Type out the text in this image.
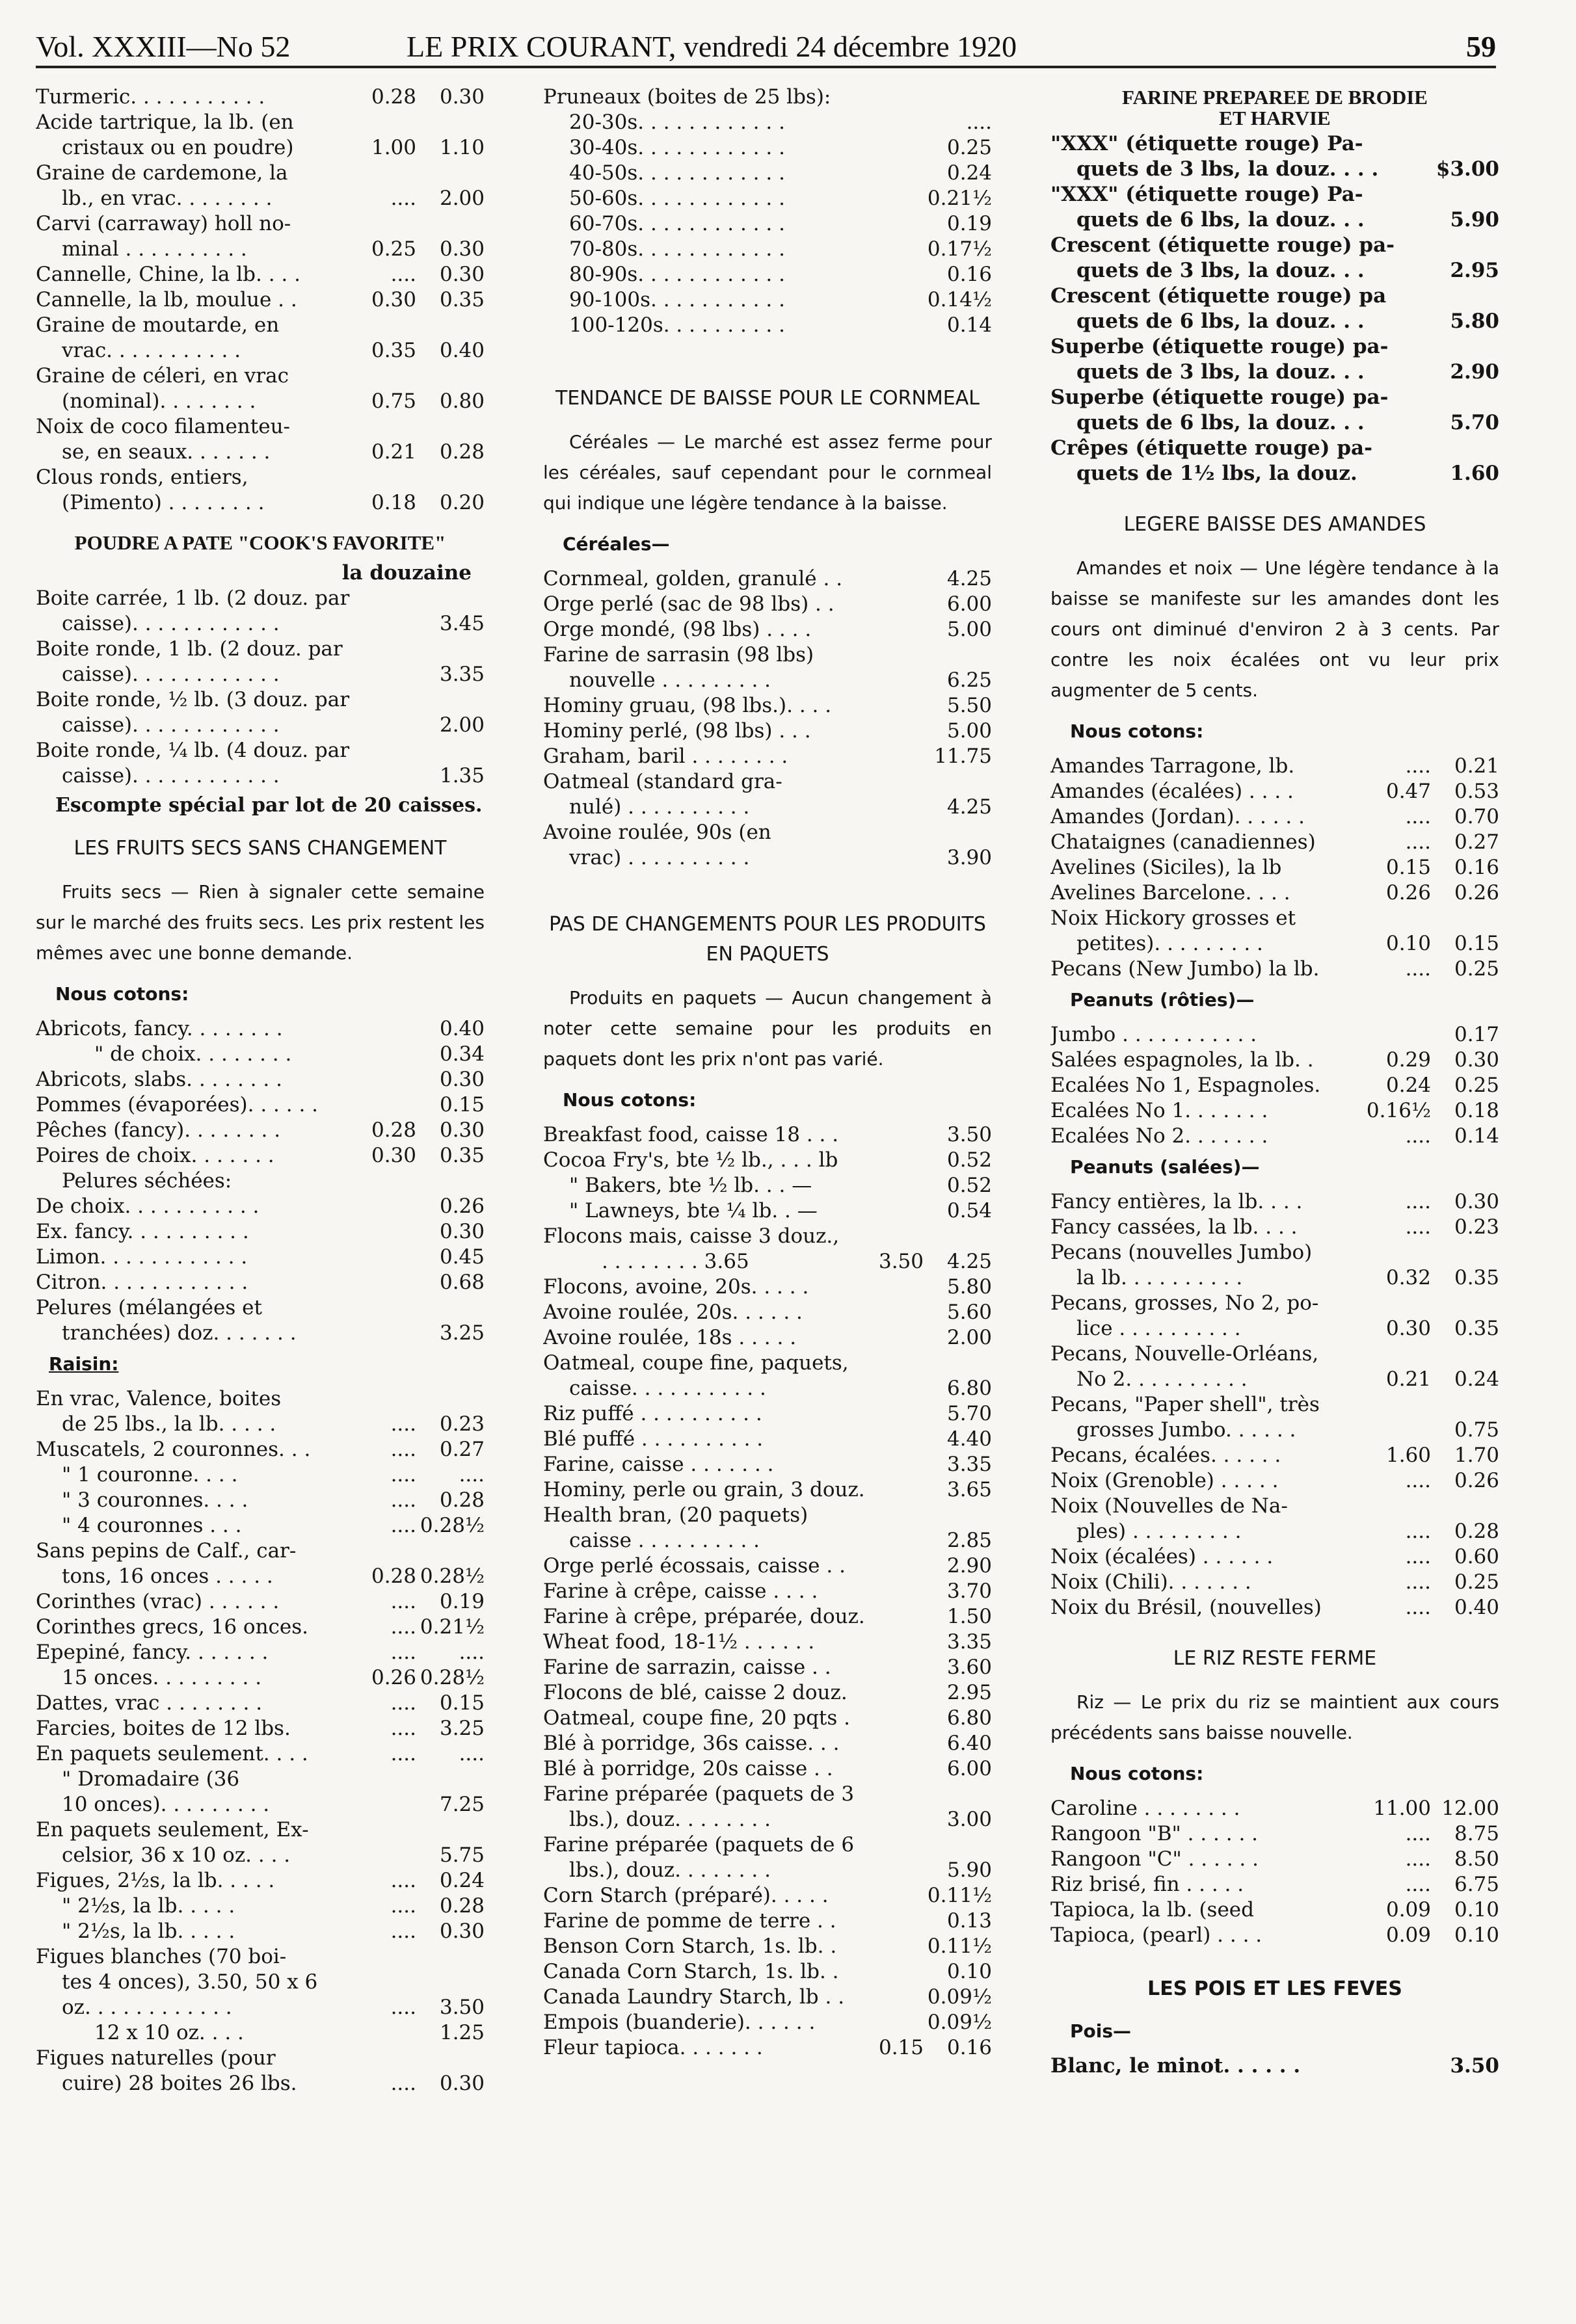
Vol. XXXIII—No 52	LE PRIX COURANT, vendredi 24 décembre 1920	59
Turmeric. . . . . . . . . . .	0.28 0.30
Acide tartrique, la lb. (en
cristaux ou en poudre)	1.00 1.10
Graine de cardemone, la
lb., en vrac. . . . . . . .	.... 2.00
Carvi (carraway) holl no-
minal . . . . . . . . . .	0.25 0.30
Cannelle, Chine, la lb. . . .	.... 0.30
Cannelle, la lb, moulue . .	0.30 0.35
Graine de moutarde, en
vrac. . . . . . . . . . .	0.35 0.40
Graine de céleri, en vrac
(nominal). . . . . . . .	0.75 0.80
Noix de coco filamenteu-
se, en seaux. . . . . . .	0.21 0.28
Clous ronds, entiers,
(Pimento) . . . . . . . .	0.18 0.20
POUDRE A PATE "COOK'S FAVORITE"
la douzaine
Boite carrée, 1 lb. (2 douz. par
caisse). . . . . . . . . . . .	3.45
Boite ronde, 1 lb. (2 douz. par
caisse). . . . . . . . . . . .	3.35
Boite ronde, ½ lb. (3 douz. par
caisse). . . . . . . . . . . .	2.00
Boite ronde, ¼ lb. (4 douz. par
caisse). . . . . . . . . . . .	1.35
Escompte spécial par lot de 20 caisses.
LES FRUITS SECS SANS CHANGEMENT
Fruits secs — Rien à signaler cette semaine sur le marché des fruits secs. Les prix restent les mêmes avec une bonne demande.
Nous cotons:
Abricots, fancy. . . . . . . .	0.40
" de choix. . . . . . . .	0.34
Abricots, slabs. . . . . . . .	0.30
Pommes (évaporées). . . . . .	0.15
Pêches (fancy). . . . . . . .	0.28 0.30
Poires de choix. . . . . . .	0.30 0.35
Pelures séchées:
De choix. . . . . . . . . . .	0.26
Ex. fancy. . . . . . . . . .	0.30
Limon. . . . . . . . . . . .	0.45
Citron. . . . . . . . . . . .	0.68
Pelures (mélangées et
tranchées) doz. . . . . . .	3.25
Raisin:
En vrac, Valence, boites
de 25 lbs., la lb. . . . .	.... 0.23
Muscatels, 2 couronnes. . .	.... 0.27
" 1 couronne. . . .	.... ....
" 3 couronnes. . . .	.... 0.28
" 4 couronnes . . .	.... 0.28½
Sans pepins de Calf., car-
tons, 16 onces . . . . .	0.28 0.28½
Corinthes (vrac) . . . . . .	.... 0.19
Corinthes grecs, 16 onces.	.... 0.21½
Epepiné, fancy. . . . . . .	.... ....
15 onces. . . . . . . . .	0.26 0.28½
Dattes, vrac . . . . . . . .	.... 0.15
Farcies, boites de 12 lbs.	.... 3.25
En paquets seulement. . . .	.... ....
" Dromadaire (36
10 onces). . . . . . . . .	7.25
En paquets seulement, Ex-
celsior, 36 x 10 oz. . . .	5.75
Figues, 2½s, la lb. . . . .	.... 0.24
" 2½s, la lb. . . . .	.... 0.28
" 2½s, la lb. . . . .	.... 0.30
Figues blanches (70 boi-
tes 4 onces), 3.50, 50 x 6
oz. . . . . . . . . . . .	.... 3.50
12 x 10 oz. . . .	1.25
Figues naturelles (pour
cuire) 28 boites 26 lbs.	.... 0.30
Pruneaux (boites de 25 lbs):
20-30s. . . . . . . . . . . .	....
30-40s. . . . . . . . . . . .	0.25
40-50s. . . . . . . . . . . .	0.24
50-60s. . . . . . . . . . . .	0.21½
60-70s. . . . . . . . . . . .	0.19
70-80s. . . . . . . . . . . .	0.17½
80-90s. . . . . . . . . . . .	0.16
90-100s. . . . . . . . . . .	0.14½
100-120s. . . . . . . . . .	0.14
TENDANCE DE BAISSE POUR LE CORNMEAL
Céréales — Le marché est assez ferme pour les céréales, sauf cependant pour le cornmeal qui indique une légère tendance à la baisse.
Céréales—
Cornmeal, golden, granulé . .	4.25
Orge perlé (sac de 98 lbs) . .	6.00
Orge mondé, (98 lbs) . . . .	5.00
Farine de sarrasin (98 lbs)
nouvelle . . . . . . . . .	6.25
Hominy gruau, (98 lbs.). . . .	5.50
Hominy perlé, (98 lbs) . . .	5.00
Graham, baril . . . . . . . .	11.75
Oatmeal (standard gra-
nulé) . . . . . . . . . .	4.25
Avoine roulée, 90s (en
vrac) . . . . . . . . . .	3.90
PAS DE CHANGEMENTS POUR LES PRODUITS EN PAQUETS
Produits en paquets — Aucun changement à noter cette semaine pour les produits en paquets dont les prix n'ont pas varié.
Nous cotons:
Breakfast food, caisse 18 . . .	3.50
Cocoa Fry's, bte ½ lb., . . . lb	0.52
" Bakers, bte ½ lb. . . —	0.52
" Lawneys, bte ¼ lb. . —	0.54
Flocons mais, caisse 3 douz.,
. . . . . . . . 3.65	3.50 4.25
Flocons, avoine, 20s. . . . .	5.80
Avoine roulée, 20s. . . . . .	5.60
Avoine roulée, 18s . . . . .	2.00
Oatmeal, coupe fine, paquets,
caisse. . . . . . . . . . .	6.80
Riz puffé . . . . . . . . . .	5.70
Blé puffé . . . . . . . . . .	4.40
Farine, caisse . . . . . . .	3.35
Hominy, perle ou grain, 3 douz.	3.65
Health bran, (20 paquets)
caisse . . . . . . . . . .	2.85
Orge perlé écossais, caisse . .	2.90
Farine à crêpe, caisse . . . .	3.70
Farine à crêpe, préparée, douz.	1.50
Wheat food, 18-1½ . . . . . .	3.35
Farine de sarrazin, caisse . .	3.60
Flocons de blé, caisse 2 douz.	2.95
Oatmeal, coupe fine, 20 pqts .	6.80
Blé à porridge, 36s caisse. . .	6.40
Blé à porridge, 20s caisse . .	6.00
Farine préparée (paquets de 3
lbs.), douz. . . . . . . .	3.00
Farine préparée (paquets de 6
lbs.), douz. . . . . . . .	5.90
Corn Starch (préparé). . . . .	0.11½
Farine de pomme de terre . .	0.13
Benson Corn Starch, 1s. lb. .	0.11½
Canada Corn Starch, 1s. lb. .	0.10
Canada Laundry Starch, lb . .	0.09½
Empois (buanderie). . . . . .	0.09½
Fleur tapioca. . . . . . .	0.15 0.16
FARINE PREPAREE DE BRODIE
ET HARVIE
"XXX" (étiquette rouge) Pa-
quets de 3 lbs, la douz. . . .	$3.00
"XXX" (étiquette rouge) Pa-
quets de 6 lbs, la douz. . .	5.90
Crescent (étiquette rouge) pa-
quets de 3 lbs, la douz. . .	2.95
Crescent (étiquette rouge) pa
quets de 6 lbs, la douz. . .	5.80
Superbe (étiquette rouge) pa-
quets de 3 lbs, la douz. . .	2.90
Superbe (étiquette rouge) pa-
quets de 6 lbs, la douz. . .	5.70
Crêpes (étiquette rouge) pa-
quets de 1½ lbs, la douz.	1.60
LEGERE BAISSE DES AMANDES
Amandes et noix — Une légère tendance à la baisse se manifeste sur les amandes dont les cours ont diminué d'environ 2 à 3 cents. Par contre les noix écalées ont vu leur prix augmenter de 5 cents.
Nous cotons:
Amandes Tarragone, lb.	.... 0.21
Amandes (écalées) . . . .	0.47 0.53
Amandes (Jordan). . . . . .	.... 0.70
Chataignes (canadiennes)	.... 0.27
Avelines (Siciles), la lb	0.15 0.16
Avelines Barcelone. . . .	0.26 0.26
Noix Hickory grosses et
petites). . . . . . . . .	0.10 0.15
Pecans (New Jumbo) la lb.	.... 0.25
Peanuts (rôties)—
Jumbo . . . . . . . . . . .	0.17
Salées espagnoles, la lb. .	0.29 0.30
Ecalées No 1, Espagnoles.	0.24 0.25
Ecalées No 1. . . . . . .	0.16½ 0.18
Ecalées No 2. . . . . . .	.... 0.14
Peanuts (salées)—
Fancy entières, la lb. . . .	.... 0.30
Fancy cassées, la lb. . . .	.... 0.23
Pecans (nouvelles Jumbo)
la lb. . . . . . . . . .	0.32 0.35
Pecans, grosses, No 2, po-
lice . . . . . . . . . .	0.30 0.35
Pecans, Nouvelle-Orléans,
No 2. . . . . . . . . .	0.21 0.24
Pecans, "Paper shell", très
grosses Jumbo. . . . . .	0.75
Pecans, écalées. . . . . .	1.60 1.70
Noix (Grenoble) . . . . .	.... 0.26
Noix (Nouvelles de Na-
ples) . . . . . . . . .	.... 0.28
Noix (écalées) . . . . . .	.... 0.60
Noix (Chili). . . . . . .	.... 0.25
Noix du Brésil, (nouvelles)	.... 0.40
LE RIZ RESTE FERME
Riz — Le prix du riz se maintient aux cours précédents sans baisse nouvelle.
Nous cotons:
Caroline . . . . . . . .	11.00 12.00
Rangoon "B" . . . . . .	.... 8.75
Rangoon "C" . . . . . .	.... 8.50
Riz brisé, fin . . . . .	.... 6.75
Tapioca, la lb. (seed	0.09 0.10
Tapioca, (pearl) . . . .	0.09 0.10
LES POIS ET LES FEVES
Pois—
Blanc, le minot. . . . . .	3.50
